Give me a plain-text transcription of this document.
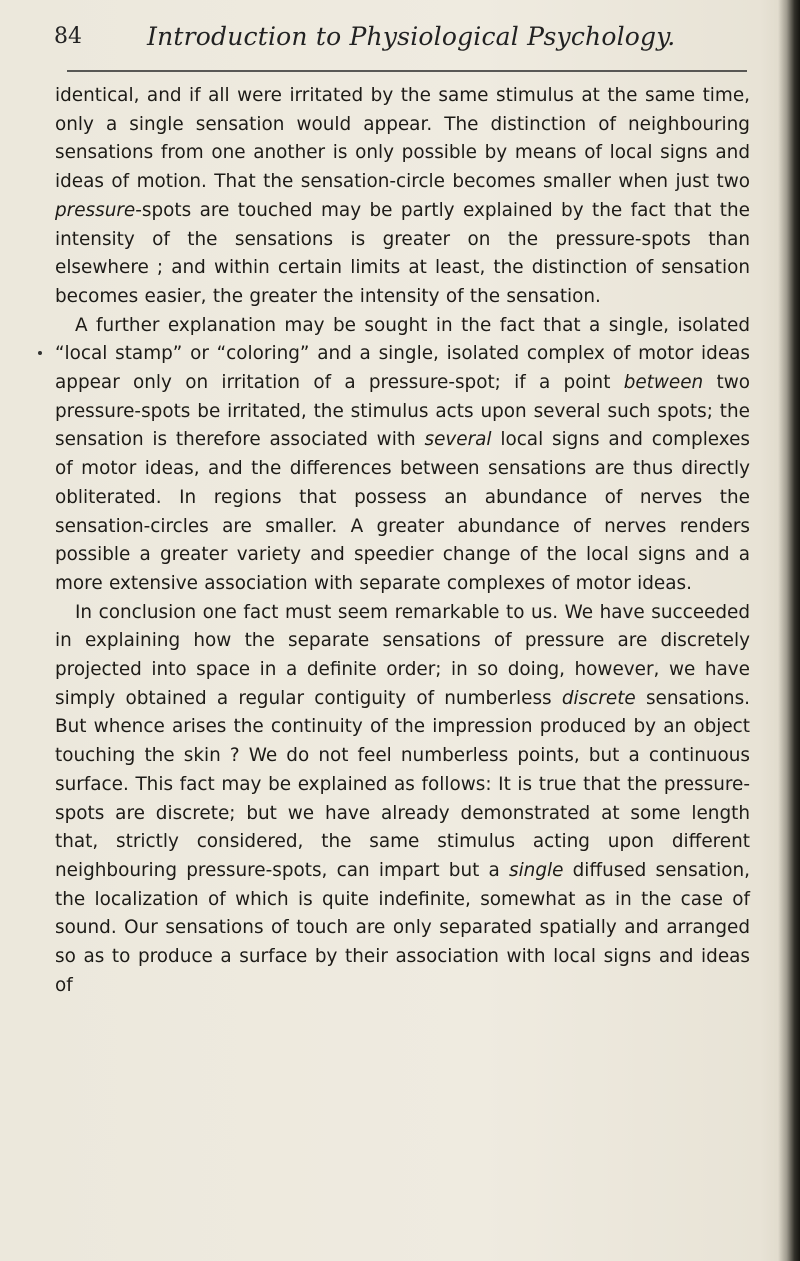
84	Introduction to Physiological Psychology.

identical, and if all were irritated by the same stimulus at the same time, only a single sensation would appear. The distinction of neighbouring sensations from one another is only possible by means of local signs and ideas of motion. That the sensation-circle becomes smaller when just two pressure-spots are touched may be partly explained by the fact that the intensity of the sensations is greater on the pressure-spots than elsewhere ; and within certain limits at least, the distinction of sensation becomes easier, the greater the intensity of the sensation.

A further explanation may be sought in the fact that a single, isolated “local stamp” or “coloring” and a single, isolated complex of motor ideas appear only on irritation of a pressure-spot; if a point between two pressure-spots be irritated, the stimulus acts upon several such spots; the sensation is therefore associated with several local signs and complexes of motor ideas, and the differences between sensations are thus directly obliterated. In regions that possess an abundance of nerves the sensation-circles are smaller. A greater abundance of nerves renders possible a greater variety and speedier change of the local signs and a more extensive association with separate complexes of motor ideas.

In conclusion one fact must seem remarkable to us. We have succeeded in explaining how the separate sensations of pressure are discretely projected into space in a definite order; in so doing, however, we have simply obtained a regular contiguity of numberless discrete sensations. But whence arises the continuity of the impression produced by an object touching the skin ? We do not feel numberless points, but a continuous surface. This fact may be explained as follows: It is true that the pressure-spots are discrete; but we have already demonstrated at some length that, strictly considered, the same stimulus acting upon different neighbouring pressure-spots, can impart but a single diffused sensation, the localization of which is quite indefinite, somewhat as in the case of sound. Our sensations of touch are only separated spatially and arranged so as to produce a surface by their association with local signs and ideas of
